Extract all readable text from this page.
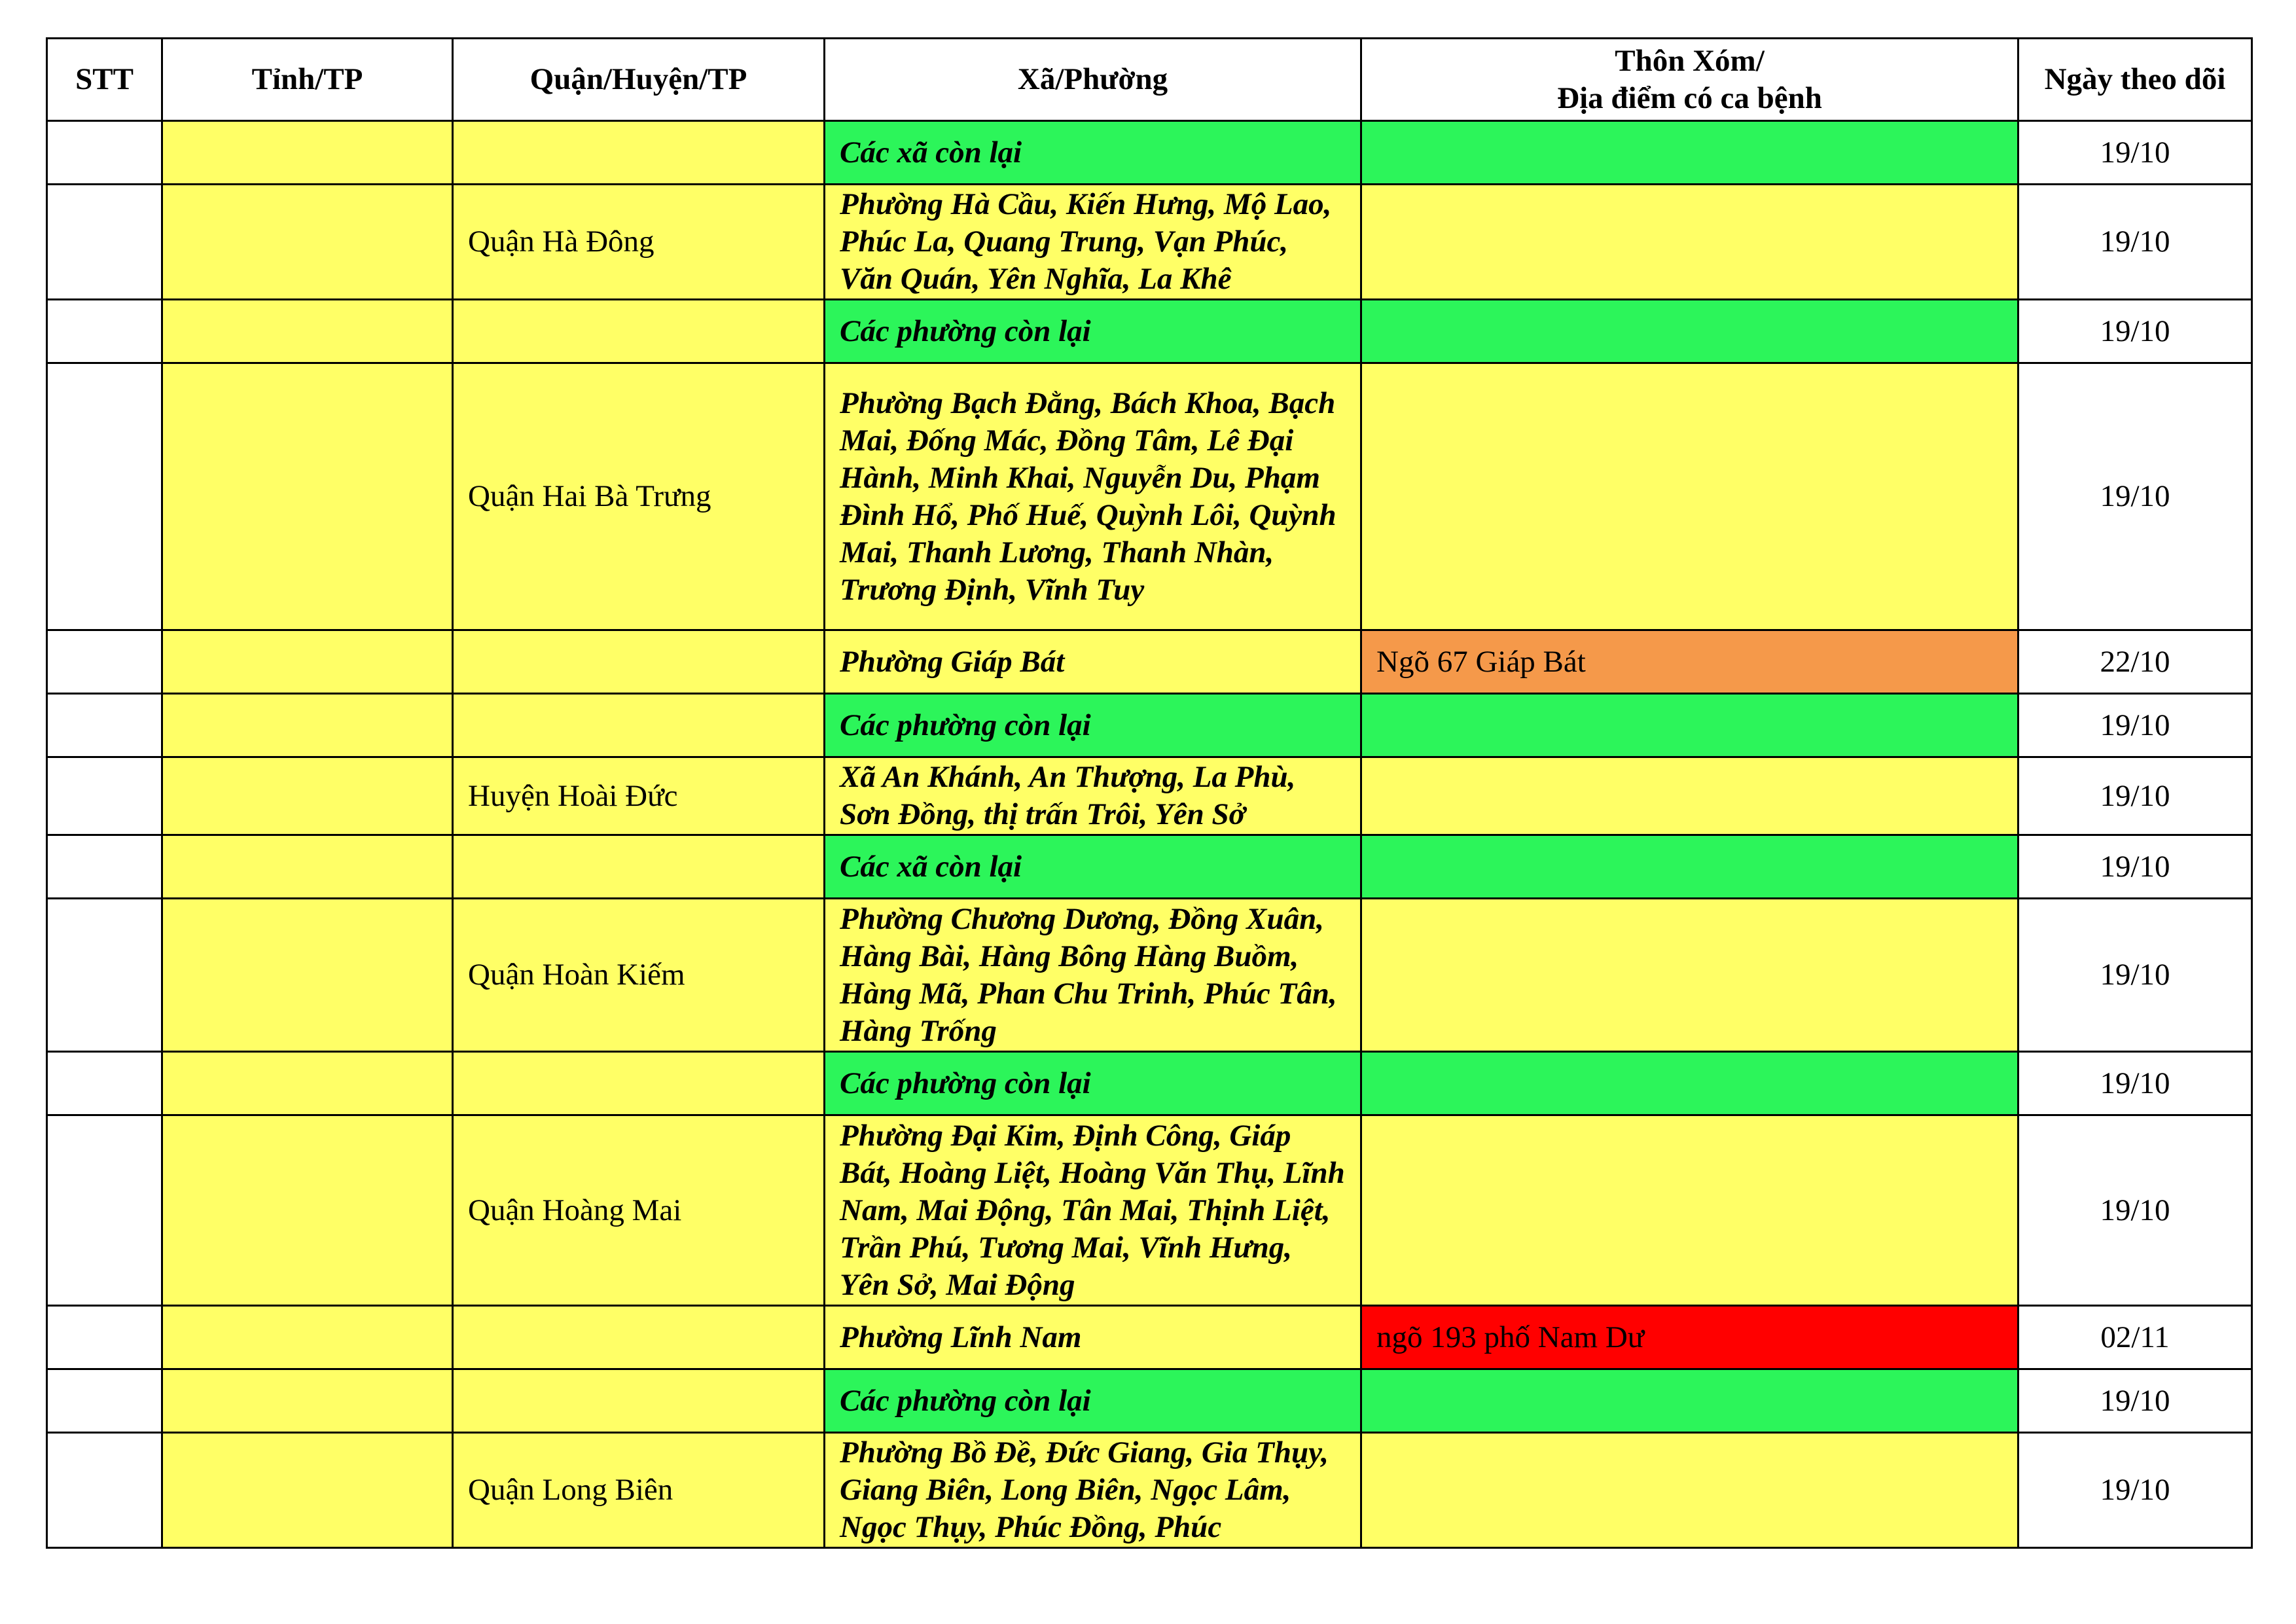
STT	Tỉnh/TP	Quận/Huyện/TP	Xã/Phường	Thôn Xóm/
Địa điểm có ca bệnh	Ngày theo dõi
			Các xã còn lại		19/10
		Quận Hà Đông	Phường Hà Cầu, Kiến Hưng, Mộ Lao, Phúc La, Quang Trung, Vạn Phúc, Văn Quán, Yên Nghĩa, La Khê		19/10
			Các phường còn lại		19/10
		Quận Hai Bà Trưng	Phường Bạch Đằng, Bách Khoa, Bạch Mai, Đống Mác, Đồng Tâm, Lê Đại Hành, Minh Khai, Nguyễn Du, Phạm Đình Hổ, Phố Huế, Quỳnh Lôi, Quỳnh Mai, Thanh Lương, Thanh Nhàn, Trương Định, Vĩnh Tuy		19/10
			Phường Giáp Bát	Ngõ 67 Giáp Bát	22/10
			Các phường còn lại		19/10
		Huyện Hoài Đức	Xã An Khánh, An Thượng, La Phù, Sơn Đồng, thị trấn Trôi, Yên Sở		19/10
			Các xã còn lại		19/10
		Quận Hoàn Kiếm	Phường Chương Dương, Đồng Xuân, Hàng Bài, Hàng Bông Hàng Buồm, Hàng Mã, Phan Chu Trinh, Phúc Tân, Hàng Trống		19/10
			Các phường còn lại		19/10
		Quận Hoàng Mai	Phường Đại Kim, Định Công, Giáp Bát, Hoàng Liệt, Hoàng Văn Thụ, Lĩnh Nam, Mai Động, Tân Mai, Thịnh Liệt, Trần Phú, Tương Mai, Vĩnh Hưng, Yên Sở, Mai Động		19/10
			Phường Lĩnh Nam	ngõ 193 phố Nam Dư	02/11
			Các phường còn lại		19/10
		Quận Long Biên	Phường Bồ Đề, Đức Giang, Gia Thụy, Giang Biên, Long Biên, Ngọc Lâm, Ngọc Thụy, Phúc Đồng, Phúc		19/10
